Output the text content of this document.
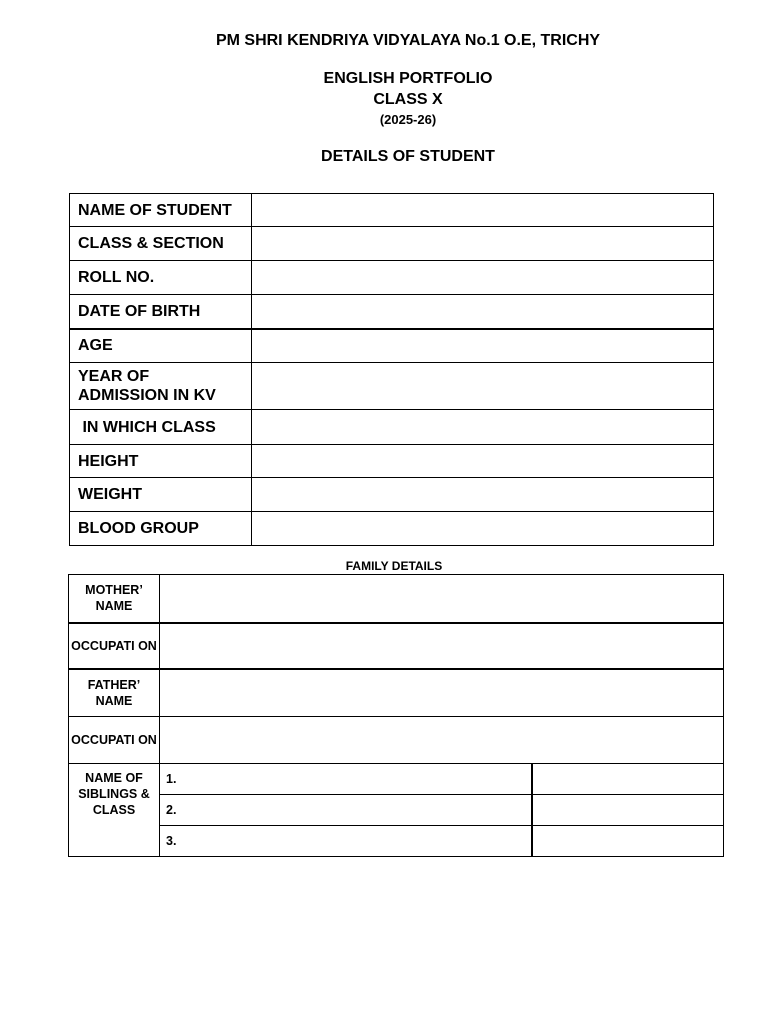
PM SHRI KENDRIYA VIDYALAYA No.1 O.E, TRICHY
ENGLISH PORTFOLIO
CLASS X
(2025-26)
DETAILS OF STUDENT
NAME OF STUDENT	
CLASS & SECTION	
ROLL NO.	
DATE OF BIRTH	
AGE	
YEAR OF ADMISSION IN KV	
IN WHICH CLASS	
HEIGHT	
WEIGHT	
BLOOD GROUP	
FAMILY DETAILS
MOTHER’ NAME		
OCCUPATI ON		
FATHER’ NAME		
OCCUPATI ON		
NAME OF SIBLINGS & CLASS	1.	
	2.	
	3.	
